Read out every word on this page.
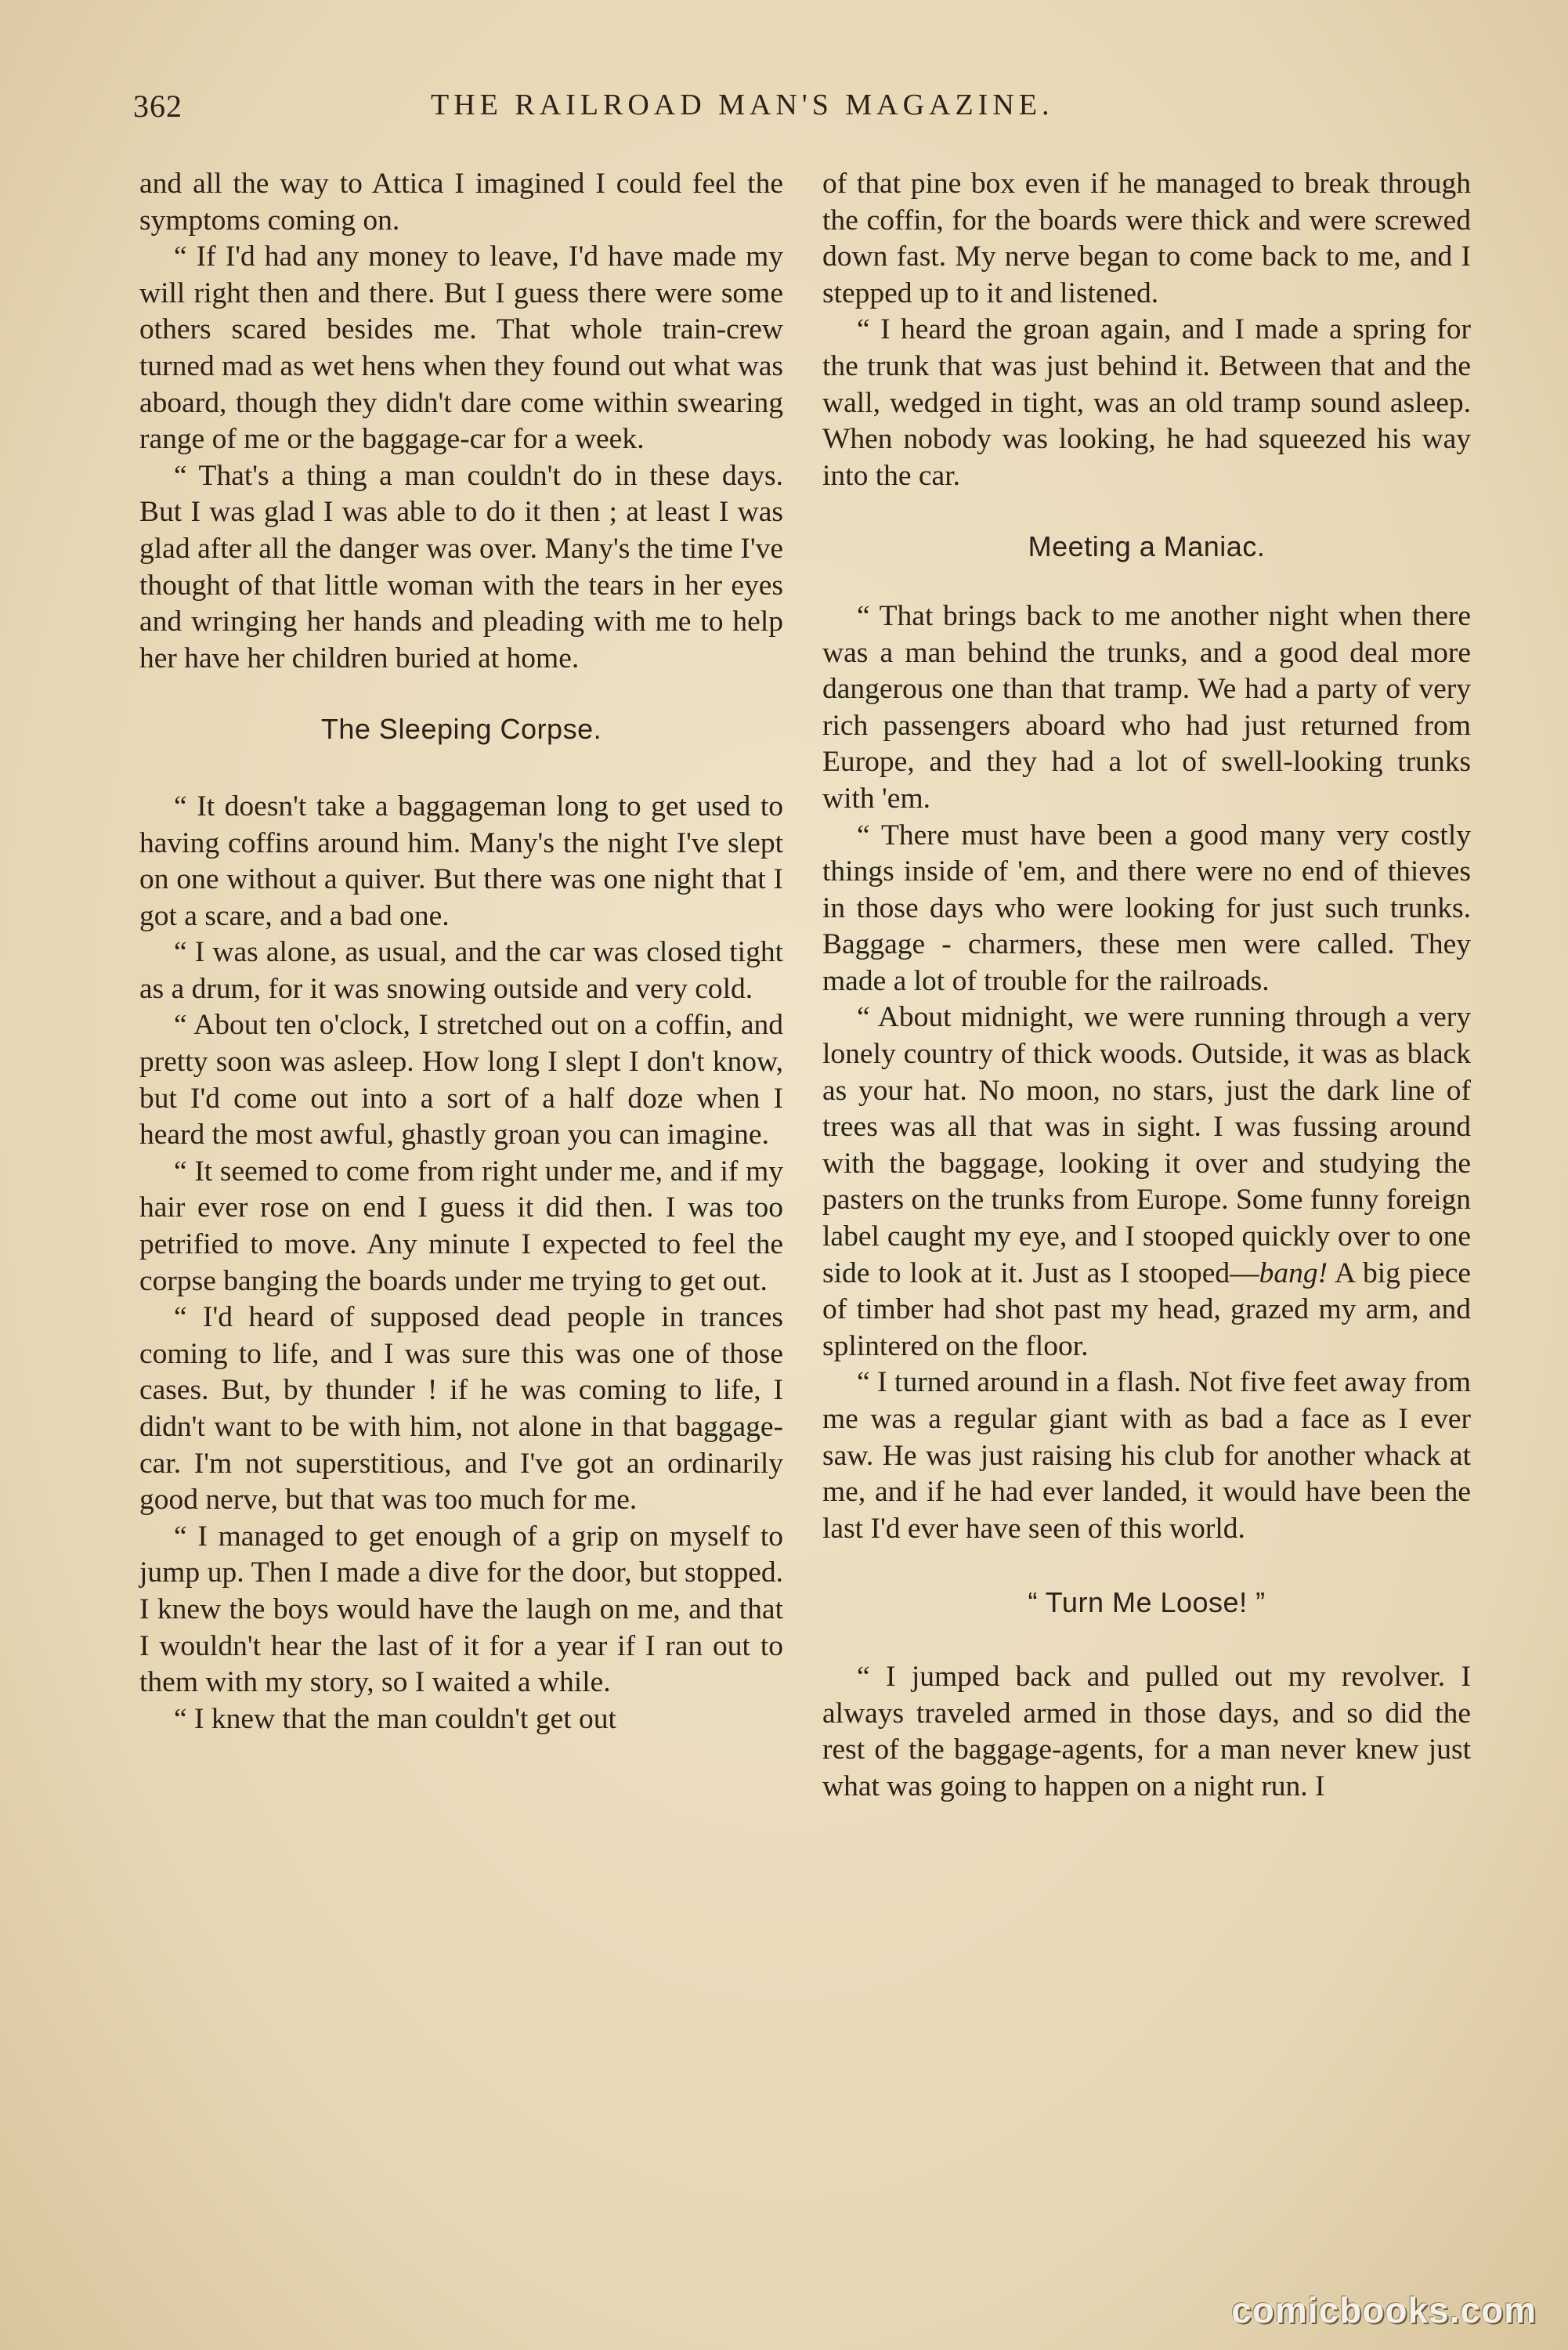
362	THE RAILROAD MAN'S MAGAZINE.

and all the way to Attica I imagined I could feel the symptoms coming on.

“ If I'd had any money to leave, I'd have made my will right then and there. But I guess there were some others scared besides me. That whole train-crew turned mad as wet hens when they found out what was aboard, though they didn't dare come within swearing range of me or the baggage-car for a week.

“ That's a thing a man couldn't do in these days. But I was glad I was able to do it then ; at least I was glad after all the danger was over. Many's the time I've thought of that little woman with the tears in her eyes and wringing her hands and pleading with me to help her have her children buried at home.

The Sleeping Corpse.

“ It doesn't take a baggageman long to get used to having coffins around him. Many's the night I've slept on one without a quiver. But there was one night that I got a scare, and a bad one.

“ I was alone, as usual, and the car was closed tight as a drum, for it was snowing outside and very cold.

“ About ten o'clock, I stretched out on a coffin, and pretty soon was asleep. How long I slept I don't know, but I'd come out into a sort of a half doze when I heard the most awful, ghastly groan you can imagine.

“ It seemed to come from right under me, and if my hair ever rose on end I guess it did then. I was too petrified to move. Any minute I expected to feel the corpse banging the boards under me trying to get out.

“ I'd heard of supposed dead people in trances coming to life, and I was sure this was one of those cases. But, by thunder ! if he was coming to life, I didn't want to be with him, not alone in that baggage-car. I'm not superstitious, and I've got an ordinarily good nerve, but that was too much for me.

“ I managed to get enough of a grip on myself to jump up. Then I made a dive for the door, but stopped. I knew the boys would have the laugh on me, and that I wouldn't hear the last of it for a year if I ran out to them with my story, so I waited a while.

“ I knew that the man couldn't get out

of that pine box even if he managed to break through the coffin, for the boards were thick and were screwed down fast. My nerve began to come back to me, and I stepped up to it and listened.

“ I heard the groan again, and I made a spring for the trunk that was just behind it. Between that and the wall, wedged in tight, was an old tramp sound asleep. When nobody was looking, he had squeezed his way into the car.

Meeting a Maniac.

“ That brings back to me another night when there was a man behind the trunks, and a good deal more dangerous one than that tramp. We had a party of very rich passengers aboard who had just returned from Europe, and they had a lot of swell-looking trunks with 'em.

“ There must have been a good many very costly things inside of 'em, and there were no end of thieves in those days who were looking for just such trunks. Baggage - charmers, these men were called. They made a lot of trouble for the railroads.

“ About midnight, we were running through a very lonely country of thick woods. Outside, it was as black as your hat. No moon, no stars, just the dark line of trees was all that was in sight. I was fussing around with the baggage, looking it over and studying the pasters on the trunks from Europe. Some funny foreign label caught my eye, and I stooped quickly over to one side to look at it. Just as I stooped—bang! A big piece of timber had shot past my head, grazed my arm, and splintered on the floor.

“ I turned around in a flash. Not five feet away from me was a regular giant with as bad a face as I ever saw. He was just raising his club for another whack at me, and if he had ever landed, it would have been the last I'd ever have seen of this world.

“ Turn Me Loose! ”

“ I jumped back and pulled out my revolver. I always traveled armed in those days, and so did the rest of the baggage-agents, for a man never knew just what was going to happen on a night run. I

comicbooks.com
